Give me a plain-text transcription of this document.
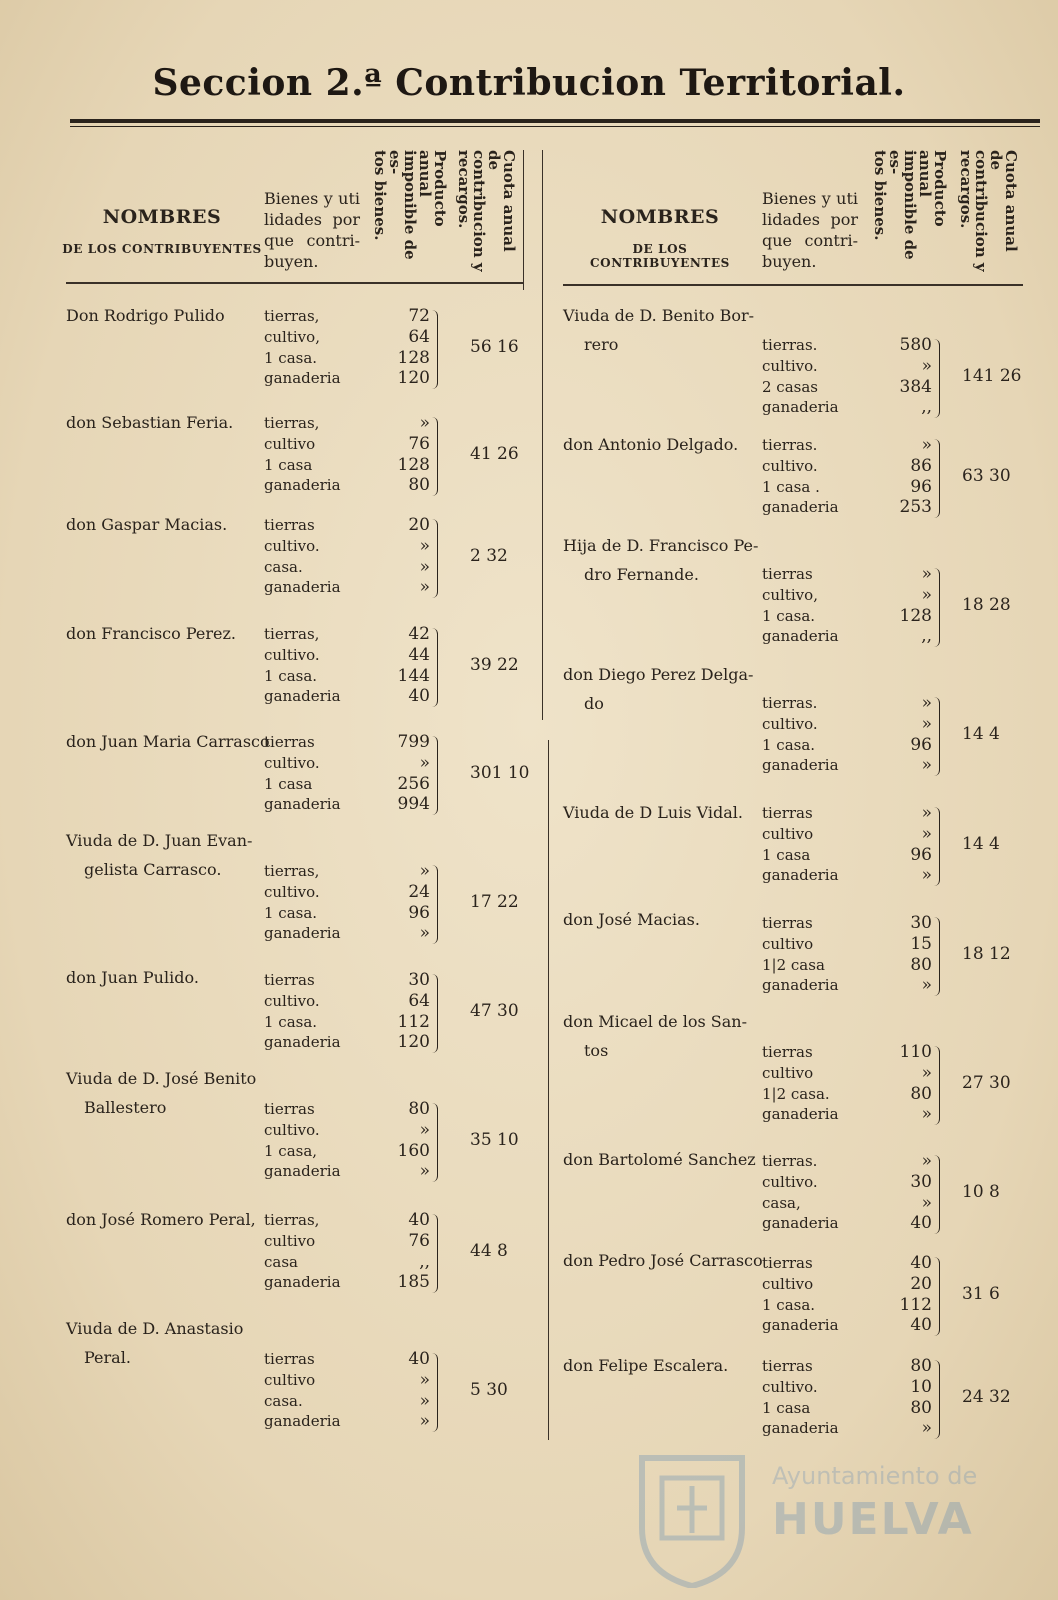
Seccion 2.ª Contribucion Territorial.
NOMBRES
DE LOS CONTRIBUYENTES
Bienes y uti
lidades por
que contri-
buyen.
Producto anual
imponible de es-
tos bienes.
Cuota anual de
contribucion y
recargos.	NOMBRES
DE LOS CONTRIBUYENTES
Bienes y uti
lidades por
que contri-
buyen.
Producto anual
imponible de es-
tos bienes.
Cuota anual de
contribucion y
recargos.
Don Rodrigo Pulido	tierras,	72
cultivo,	64
1 casa.	128
ganaderia	120
56 16
don Sebastian Feria. tierras,	»
cultivo	76
1 casa	128
ganaderia	80
41 26
don Gaspar Macias. tierras	20
cultivo.	»
casa.	»
ganaderia	»
2 32
don Francisco Perez. tierras,	42
cultivo.	44
1 casa.	144
ganaderia	40
39 22
don Juan Maria Carrasco
tierras	799
cultivo.	»
1 casa	256
ganaderia	994
301 10
Viuda de D. Juan Evan-
gelista Carrasco.	tierras,	»
cultivo.	24
1 casa.	96
ganaderia	»
17 22
don Juan Pulido.	tierras	30
cultivo.	64
1 casa.	112
ganaderia	120
47 30
Viuda de D. José Benito
Ballestero	tierras	80
cultivo.	»
1 casa,	160
ganaderia	»
35 10
don José Romero Peral, tierras,	40
cultivo	76
casa	,,
ganaderia	185
44 8
Viuda de D. Anastasio
Peral.	tierras	40
cultivo	»
casa.	»
ganaderia	»
5 30
Viuda de D. Benito Bor-
rero	tierras.	580
cultivo.	»
2 casas	384
ganaderia	,,
141 26
don Antonio Delgado. tierras.	»
cultivo.	86
1 casa .	96
ganaderia	253
63 30
Hija de D. Francisco Pe-
dro Fernande.	tierras	»
cultivo,	»
1 casa.	128
ganaderia	,,
18 28
don Diego Perez Delga-
do	tierras.	»
cultivo.	»
1 casa.	96
ganaderia	»
14 4
Viuda de D Luis Vidal. tierras	»
cultivo	»
1 casa	96
ganaderia	»
14 4
don José Macias.	tierras	30
cultivo	15
1|2 casa	80
ganaderia	»
18 12
don Micael de los San-
tos	tierras	110
cultivo	»
1|2 casa.	80
ganaderia	»
27 30
don Bartolomé Sanchez tierras.	»
cultivo.	30
casa,	»
ganaderia	40
10 8
don Pedro José Carrasco tierras	40
cultivo	20
1 casa.	112
ganaderia	40
31 6
don Felipe Escalera. tierras	80
cultivo.	10
1 casa	80
ganaderia	»
24 32
Ayuntamiento de
HUELVA
